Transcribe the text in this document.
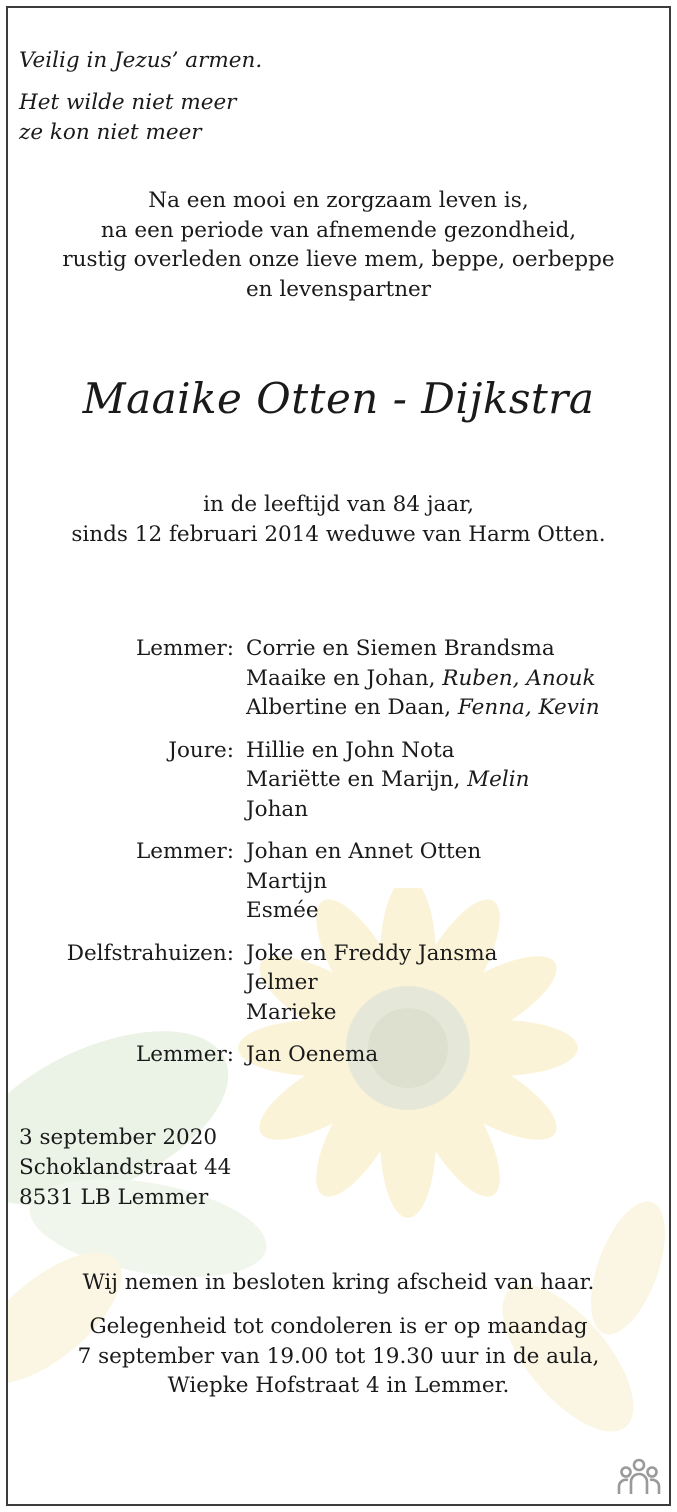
Veilig in Jezus’ armen.
Het wilde niet meer
ze kon niet meer
Na een mooi en zorgzaam leven is,
na een periode van afnemende gezondheid,
rustig overleden onze lieve mem, beppe, oerbeppe
en levenspartner
Maaike Otten - Dijkstra
in de leeftijd van 84 jaar,
sinds 12 februari 2014 weduwe van Harm Otten.
Lemmer: Corrie en Siemen Brandsma
Maaike en Johan, Ruben, Anouk
Albertine en Daan, Fenna, Kevin
Joure: Hillie en John Nota
Mariëtte en Marijn, Melin
Johan
Lemmer: Johan en Annet Otten
Martijn
Esmée
Delfstrahuizen: Joke en Freddy Jansma
Jelmer
Marieke
Lemmer: Jan Oenema
3 september 2020
Schoklandstraat 44
8531 LB Lemmer
Wij nemen in besloten kring afscheid van haar.
Gelegenheid tot condoleren is er op maandag
7 september van 19.00 tot 19.30 uur in de aula,
Wiepke Hofstraat 4 in Lemmer.
